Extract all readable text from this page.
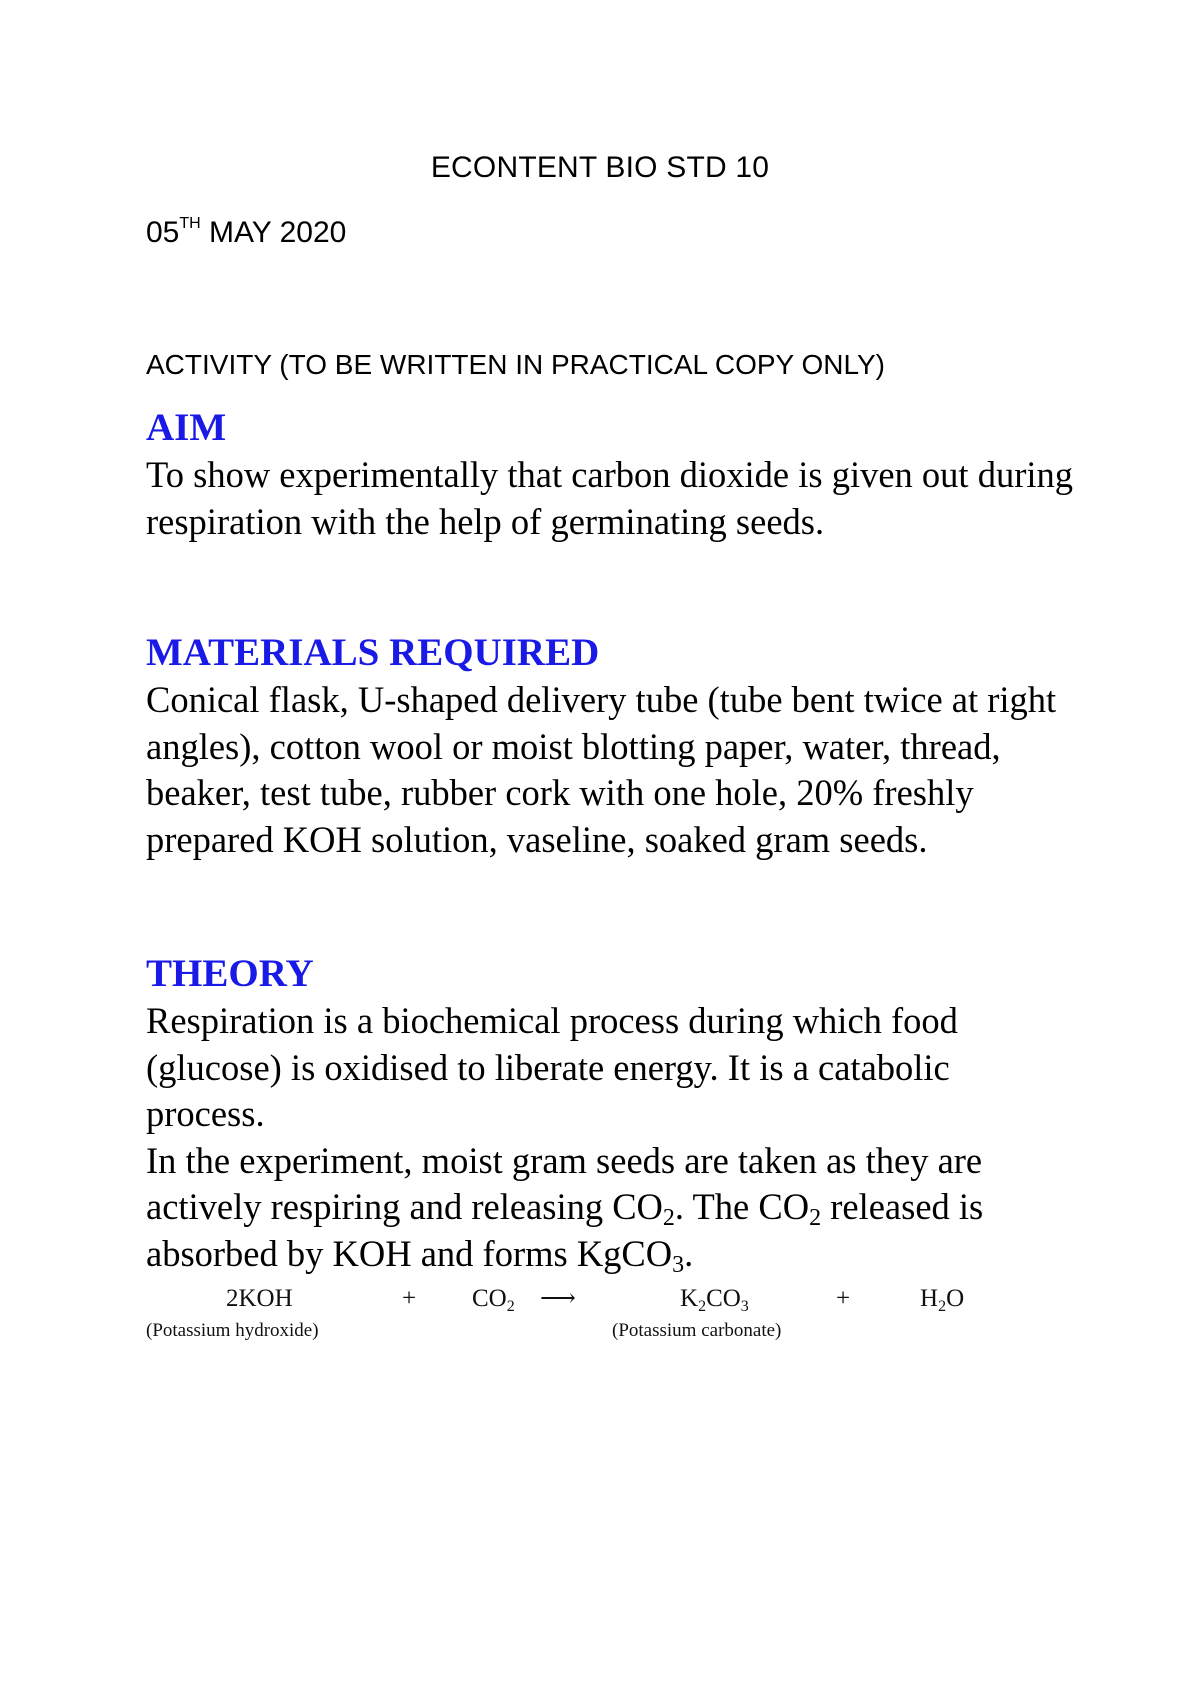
ECONTENT BIO STD 10
05TH MAY 2020
ACTIVITY (TO BE WRITTEN IN PRACTICAL COPY ONLY)
AIM

To show experimentally that carbon dioxide is given out during respiration with the help of germinating seeds.

MATERIALS REQUIRED

Conical flask, U-shaped delivery tube (tube bent twice at right angles), cotton wool or moist blotting paper, water, thread, beaker, test tube, rubber cork with one hole, 20% freshly prepared KOH solution, vaseline, soaked gram seeds.

THEORY

Respiration is a biochemical process during which food (glucose) is oxidised to liberate energy. It is a catabolic process.

In the experiment, moist gram seeds are taken as they are actively respiring and releasing $CO_2$. The $CO_2$ released is absorbed by KOH and forms KgCO$_3$.

2KOH
(Potassium hydroxide)
+ $CO_2$ ⟶	$K_2CO_3$
(Potassium carbonate)
+	$H_2O$
